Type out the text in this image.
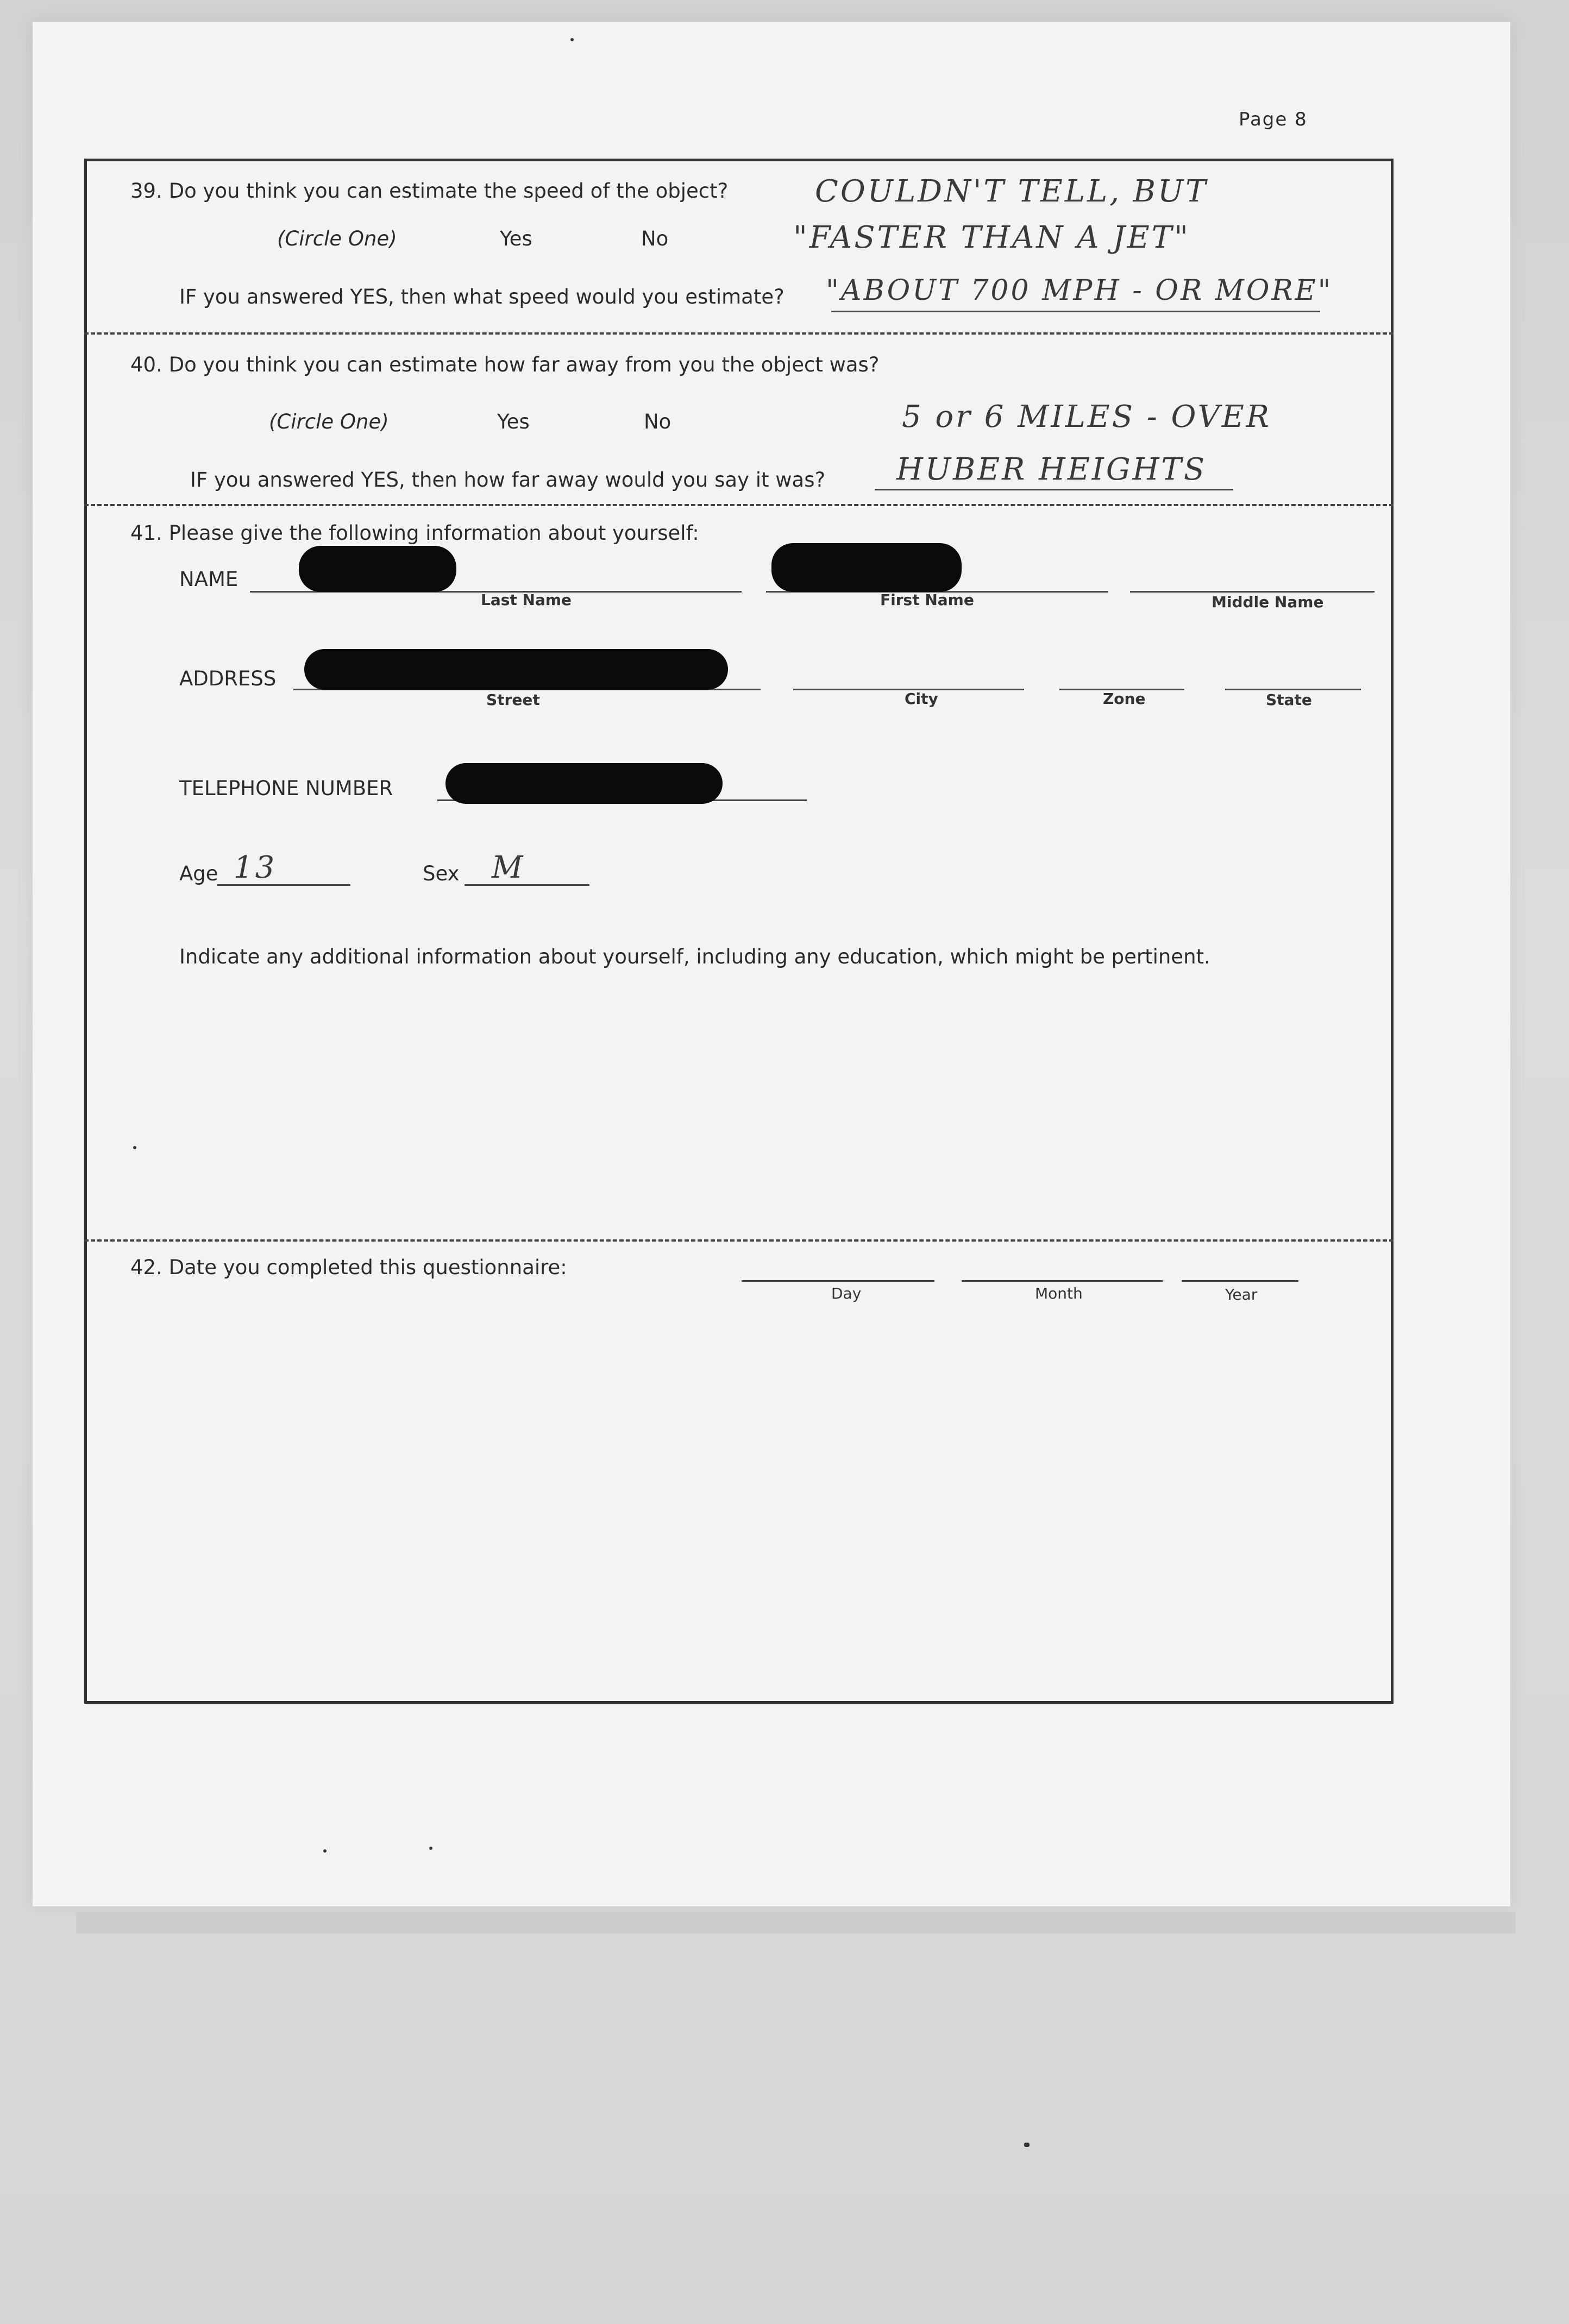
Page 8
39. Do you think you can estimate the speed of the object?
(Circle One)	Yes	No
IF you answered YES, then what speed would you estimate?
COULDN'T TELL, BUT
"FASTER THAN A JET"
"ABOUT 700 MPH - OR MORE"
40. Do you think you can estimate how far away from you the object was?
(Circle One)	Yes	No
IF you answered YES, then how far away would you say it was?
5 or 6 MILES - OVER
HUBER HEIGHTS
41. Please give the following information about yourself:
NAME
Last Name	First Name	Middle Name
ADDRESS
Street	City	Zone	State
TELEPHONE NUMBER
Age 13	Sex M
Indicate any additional information about yourself, including any education, which might be pertinent.
42. Date you completed this questionnaire:
Day	Month	Year
